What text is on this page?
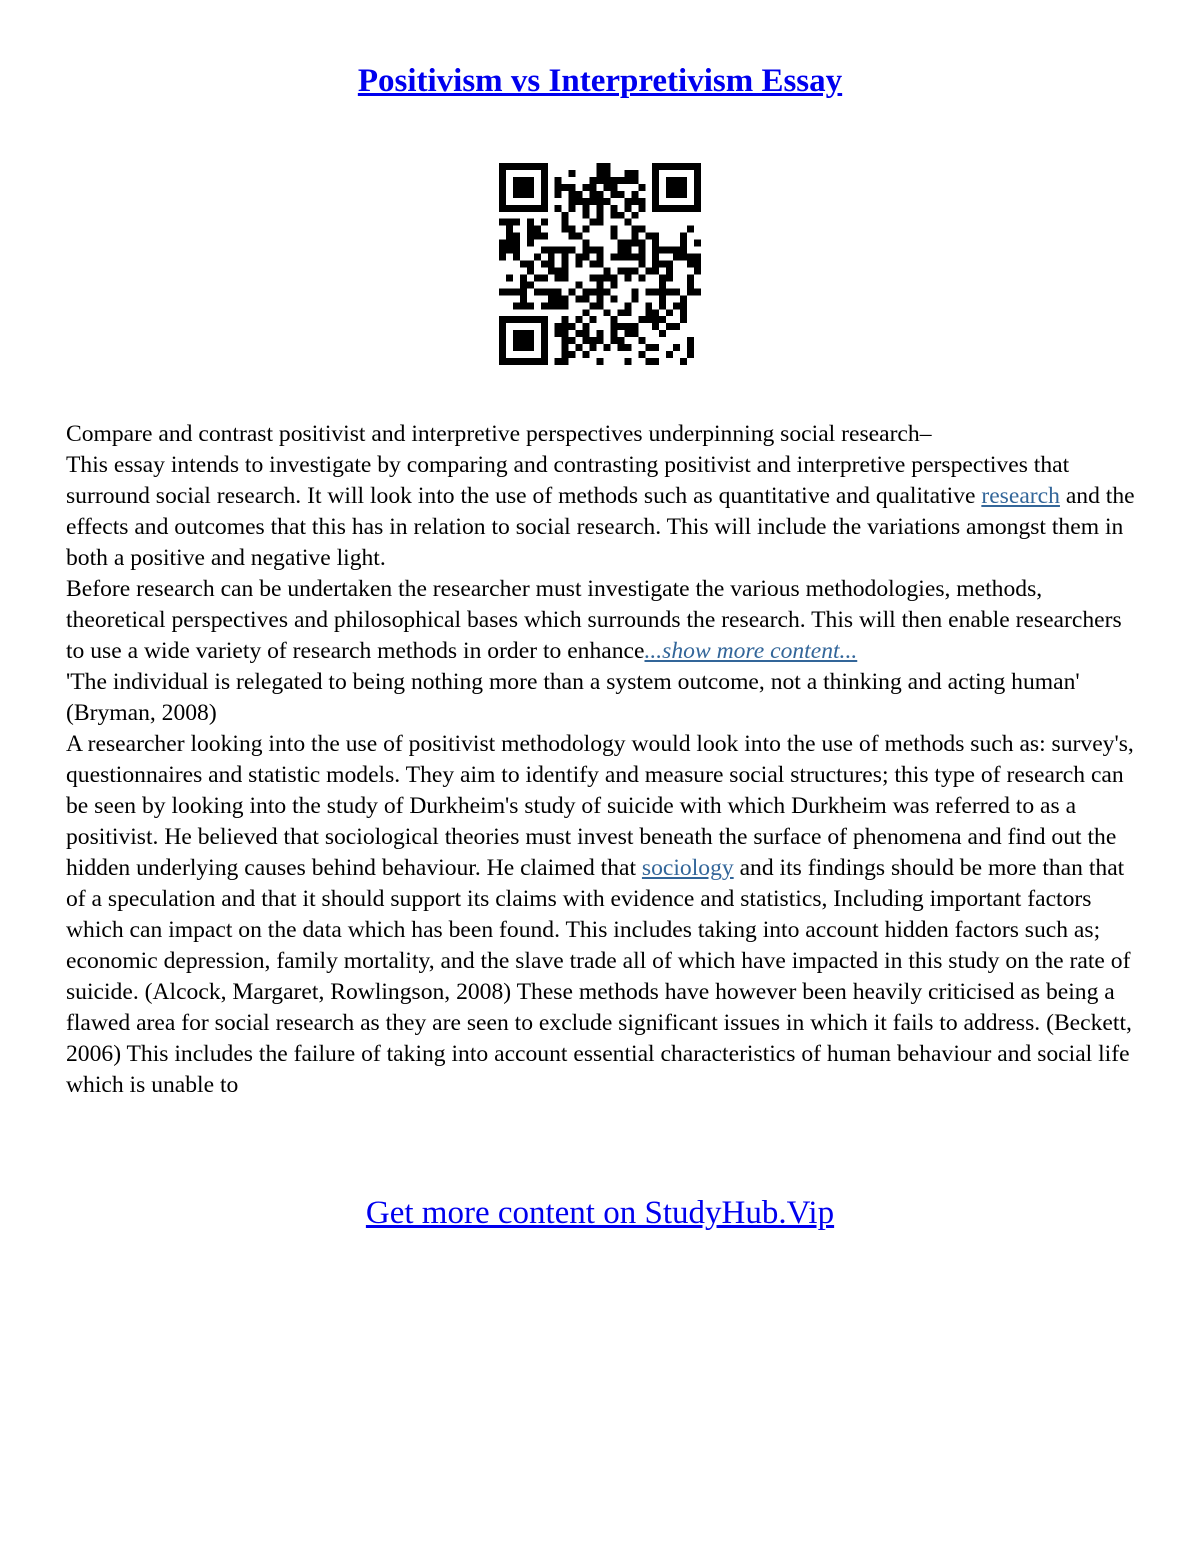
Positivism vs Interpretivism Essay

Compare and contrast positivist and interpretive perspectives underpinning social research–

This essay intends to investigate by comparing and contrasting positivist and interpretive perspectives that surround social research. It will look into the use of methods such as quantitative and qualitative research and the effects and outcomes that this has in relation to social research. This will include the variations amongst them in both a positive and negative light.

Before research can be undertaken the researcher must investigate the various methodologies, methods, theoretical perspectives and philosophical bases which surrounds the research. This will then enable researchers to use a wide variety of research methods in order to enhance...show more content...

'The individual is relegated to being nothing more than a system outcome, not a thinking and acting human' (Bryman, 2008)

A researcher looking into the use of positivist methodology would look into the use of methods such as: survey's, questionnaires and statistic models. They aim to identify and measure social structures; this type of research can be seen by looking into the study of Durkheim's study of suicide with which Durkheim was referred to as a positivist. He believed that sociological theories must invest beneath the surface of phenomena and find out the hidden underlying causes behind behaviour. He claimed that sociology and its findings should be more than that of a speculation and that it should support its claims with evidence and statistics, Including important factors which can impact on the data which has been found. This includes taking into account hidden factors such as; economic depression, family mortality, and the slave trade all of which have impacted in this study on the rate of suicide. (Alcock, Margaret, Rowlingson, 2008) These methods have however been heavily criticised as being a flawed area for social research as they are seen to exclude significant issues in which it fails to address. (Beckett, 2006) This includes the failure of taking into account essential characteristics of human behaviour and social life which is unable to

Get more content on StudyHub.Vip
